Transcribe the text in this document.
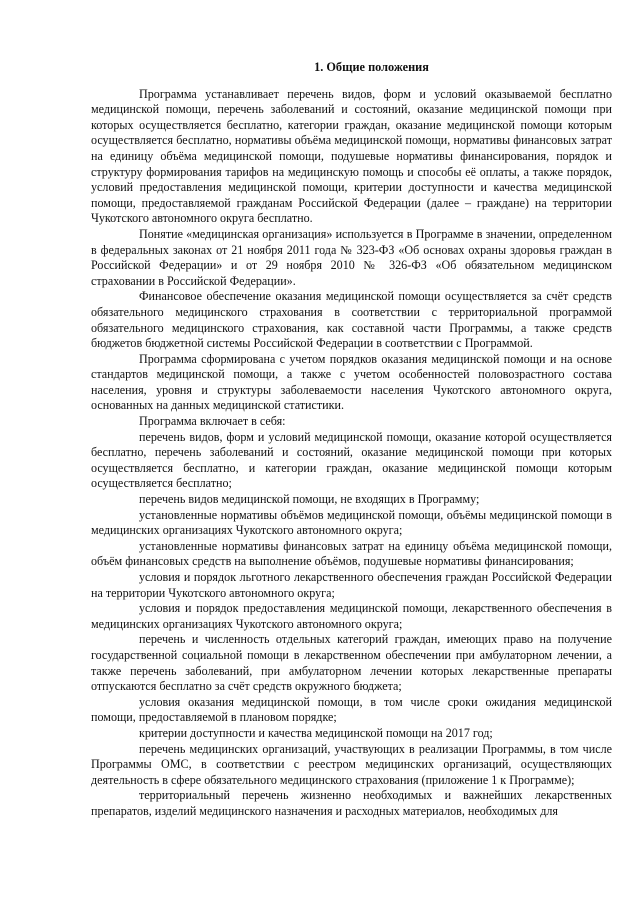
1. Общие положения

Программа устанавливает перечень видов, форм и условий оказываемой бесплатно медицинской помощи, перечень заболеваний и состояний, оказание медицинской помощи при которых осуществляется бесплатно, категории граждан, оказание медицинской помощи которым осуществляется бесплатно, нормативы объёма медицинской помощи, нормативы финансовых затрат на единицу объёма медицинской помощи, подушевые нормативы финансирования, порядок и структуру формирования тарифов на медицинскую помощь и способы её оплаты, а также порядок, условий предоставления медицинской помощи, критерии доступности и качества медицинской помощи, предоставляемой гражданам Российской Федерации (далее – граждане) на территории Чукотского автономного округа бесплатно.

Понятие «медицинская организация» используется в Программе в значении, определенном в федеральных законах от 21 ноября 2011 года № 323-ФЗ «Об основах охраны здоровья граждан в Российской Федерации» и от 29 ноября 2010 № 326-ФЗ «Об обязательном медицинском страховании в Российской Федерации».

Финансовое обеспечение оказания медицинской помощи осуществляется за счёт средств обязательного медицинского страхования в соответствии с территориальной программой обязательного медицинского страхования, как составной части Программы, а также средств бюджетов бюджетной системы Российской Федерации в соответствии с Программой.

Программа сформирована с учетом порядков оказания медицинской помощи и на основе стандартов медицинской помощи, а также с учетом особенностей половозрастного состава населения, уровня и структуры заболеваемости населения Чукотского автономного округа, основанных на данных медицинской статистики.

Программа включает в себя:

перечень видов, форм и условий медицинской помощи, оказание которой осуществляется бесплатно, перечень заболеваний и состояний, оказание медицинской помощи при которых осуществляется бесплатно, и категории граждан, оказание медицинской помощи которым осуществляется бесплатно;

перечень видов медицинской помощи, не входящих в Программу;

установленные нормативы объёмов медицинской помощи, объёмы медицинской помощи в медицинских организациях Чукотского автономного округа;

установленные нормативы финансовых затрат на единицу объёма медицинской помощи, объём финансовых средств на выполнение объёмов, подушевые нормативы финансирования;

условия и порядок льготного лекарственного обеспечения граждан Российской Федерации на территории Чукотского автономного округа;

условия и порядок предоставления медицинской помощи, лекарственного обеспечения в медицинских организациях Чукотского автономного округа;

перечень и численность отдельных категорий граждан, имеющих право на получение государственной социальной помощи в лекарственном обеспечении при амбулаторном лечении, а также перечень заболеваний, при амбулаторном лечении которых лекарственные препараты отпускаются бесплатно за счёт средств окружного бюджета;

условия оказания медицинской помощи, в том числе сроки ожидания медицинской помощи, предоставляемой в плановом порядке;

критерии доступности и качества медицинской помощи на 2017 год;

перечень медицинских организаций, участвующих в реализации Программы, в том числе Программы ОМС, в соответствии с реестром медицинских организаций, осуществляющих деятельность в сфере обязательного медицинского страхования (приложение 1 к Программе);

территориальный перечень жизненно необходимых и важнейших лекарственных препаратов, изделий медицинского назначения и расходных материалов, необходимых для
